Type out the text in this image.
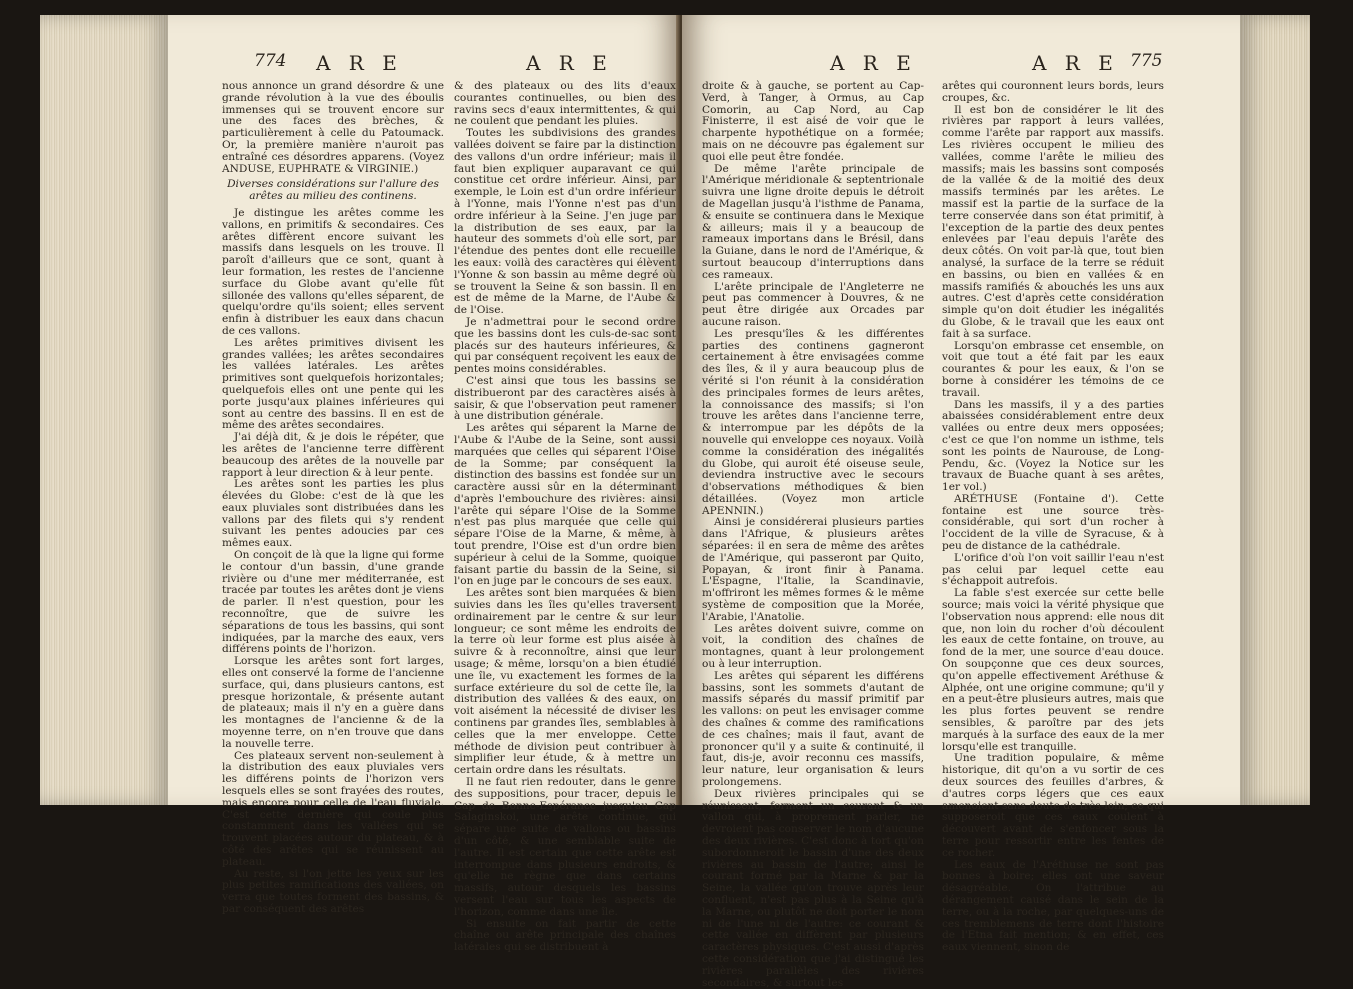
774 A R E	A R E

nous annonce un grand désordre & une grande révolution à la vue des éboulis immenses qui se trouvent encore sur une des faces des brèches, & particulièrement à celle du Patoumack. Or, la première manière n'auroit pas entraîné ces désordres apparens. (Voyez ANDUSE, EUPHRATE & VIRGINIE.)

Diverses considérations sur l'allure des arêtes au milieu des continens.

Je distingue les arêtes comme les vallons, en primitifs & secondaires. Ces arêtes diffèrent encore suivant les massifs dans lesquels on les trouve. Il paroît d'ailleurs que ce sont, quant à leur formation, les restes de l'ancienne surface du Globe avant qu'elle fût sillonée des vallons qu'elles séparent, de quelqu'ordre qu'ils soient; elles servent enfin à distribuer les eaux dans chacun de ces vallons.

Les arêtes primitives divisent les grandes vallées; les arêtes secondaires les vallées latérales. Les arêtes primitives sont quelquefois horizontales; quelquefois elles ont une pente qui les porte jusqu'aux plaines inférieures qui sont au centre des bassins. Il en est de même des arêtes secondaires.

J'ai déjà dit, & je dois le répéter, que les arêtes de l'ancienne terre diffèrent beaucoup des arêtes de la nouvelle par rapport à leur direction & à leur pente.

Les arêtes sont les parties les plus élevées du Globe: c'est de là que les eaux pluviales sont distribuées dans les vallons par des filets qui s'y rendent suivant les pentes adoucies par ces mêmes eaux.

On conçoit de là que la ligne qui forme le contour d'un bassin, d'une grande rivière ou d'une mer méditerranée, est tracée par toutes les arêtes dont je viens de parler. Il n'est question, pour les reconnoître, que de suivre les séparations de tous les bassins, qui sont indiquées, par la marche des eaux, vers différens points de l'horizon.

Lorsque les arêtes sont fort larges, elles ont conservé la forme de l'ancienne surface, qui, dans plusieurs cantons, est presque horizontale, & présente autant de plateaux; mais il n'y en a guère dans les montagnes de l'ancienne & de la moyenne terre, on n'en trouve que dans la nouvelle terre.

Ces plateaux servent non-seulement à la distribution des eaux pluviales vers les différens points de l'horizon vers lesquels elles se sont frayées des routes, mais encore pour celle de l'eau fluviale. C'est cette dernière qui coule plus constamment dans les vallées qui se trouvent placées autour du plateau, & à côté des arêtes qui se réunissent au plateau.

Au reste, si l'on jette les yeux sur les plus petites ramifications des vallées, on verra que toutes forment des bassins, & par conséquent des arêtes

& des plateaux ou des lits d'eaux courantes continuelles, ou bien des ravins secs d'eaux intermittentes, & qui ne coulent que pendant les pluies.

Toutes les subdivisions des grandes vallées doivent se faire par la distinction des vallons d'un ordre inférieur; mais il faut bien expliquer auparavant ce qui constitue cet ordre inférieur. Ainsi, par exemple, le Loin est d'un ordre inférieur à l'Yonne, mais l'Yonne n'est pas d'un ordre inférieur à la Seine. J'en juge par la distribution de ses eaux, par la hauteur des sommets d'où elle sort, par l'étendue des pentes dont elle recueille les eaux: voilà des caractères qui élèvent l'Yonne & son bassin au même degré où se trouvent la Seine & son bassin. Il en est de même de la Marne, de l'Aube & de l'Oise.

Je n'admettrai pour le second ordre que les bassins dont les culs-de-sac sont placés sur des hauteurs inférieures, & qui par conséquent reçoivent les eaux de pentes moins considérables.

C'est ainsi que tous les bassins se distribueront par des caractères aisés à saisir, & que l'observation peut ramener à une distribution générale.

Les arêtes qui séparent la Marne de l'Aube & l'Aube de la Seine, sont aussi marquées que celles qui séparent l'Oise de la Somme; par conséquent la distinction des bassins est fondée sur un caractère aussi sûr en la déterminant d'après l'embouchure des rivières: ainsi l'arête qui sépare l'Oise de la Somme n'est pas plus marquée que celle qui sépare l'Oise de la Marne, & même, à tout prendre, l'Oise est d'un ordre bien supérieur à celui de la Somme, quoique faisant partie du bassin de la Seine, si l'on en juge par le concours de ses eaux.

Les arêtes sont bien marquées & bien suivies dans les îles qu'elles traversent ordinairement par le centre & sur leur longueur; ce sont même les endroits de la terre où leur forme est plus aisée à suivre & à reconnoître, ainsi que leur usage; & même, lorsqu'on a bien étudié une île, vu exactement les formes de la surface extérieure du sol de cette île, la distribution des vallées & des eaux, on voit aisément la nécessité de diviser les continens par grandes îles, semblables à celles que la mer enveloppe. Cette méthode de division peut contribuer à simplifier leur étude, & à mettre un certain ordre dans les résultats.

Il ne faut rien redouter, dans le genre des suppositions, pour tracer, depuis le Cap de Bonne-Espérance jusqu'au Cap Salaginskoi, une arête continue, qui sépare une suite de vallons ou bassins d'un côté, & une semblable suite de l'autre. Il est certain que cette arête est interrompue dans plusieurs endroits, & qu'elle ne règne que dans certains massifs, autour desquels les bassins versent l'eau sur tous les aspects de l'horizon, comme dans une île.

Si ensuite on fait partir de cette chaîne ou arête principale des chaînes latérales qui se distribuent à

A R E	A R E 775

droite & à gauche, se portent au Cap-Verd, à Tanger, à Ormus, au Cap Comorin, au Cap Nord, au Cap Finisterre, il est aisé de voir que le charpente hypothétique on a formée; mais on ne découvre pas également sur quoi elle peut être fondée.

De même l'arête principale de l'Amérique méridionale & septentrionale suivra une ligne droite depuis le détroit de Magellan jusqu'à l'isthme de Panama, & ensuite se continuera dans le Mexique & ailleurs; mais il y a beaucoup de rameaux importans dans le Brésil, dans la Guiane, dans le nord de l'Amérique, & surtout beaucoup d'interruptions dans ces rameaux.

L'arête principale de l'Angleterre ne peut pas commencer à Douvres, & ne peut être dirigée aux Orcades par aucune raison.

Les presqu'îles & les différentes parties des continens gagneront certainement à être envisagées comme des îles, & il y aura beaucoup plus de vérité si l'on réunit à la considération des principales formes de leurs arêtes, la connoissance des massifs; si l'on trouve les arêtes dans l'ancienne terre, & interrompue par les dépôts de la nouvelle qui enveloppe ces noyaux. Voilà comme la considération des inégalités du Globe, qui auroit été oiseuse seule, deviendra instructive avec le secours d'observations méthodiques & bien détaillées. (Voyez mon article APENNIN.)

Ainsi je considérerai plusieurs parties dans l'Afrique, & plusieurs arêtes séparées: il en sera de même des arêtes de l'Amérique, qui passeront par Quito, Popayan, & iront finir à Panama. L'Espagne, l'Italie, la Scandinavie, m'offriront les mêmes formes & le même système de composition que la Morée, l'Arabie, l'Anatolie.

Les arêtes doivent suivre, comme on voit, la condition des chaînes de montagnes, quant à leur prolongement ou à leur interruption.

Les arêtes qui séparent les différens bassins, sont les sommets d'autant de massifs séparés du massif primitif par les vallons: on peut les envisager comme des chaînes & comme des ramifications de ces chaînes; mais il faut, avant de prononcer qu'il y a suite & continuité, il faut, dis-je, avoir reconnu ces massifs, leur nature, leur organisation & leurs prolongemens.

Deux rivières principales qui se réunissent, forment un courant & un vallon qui, à proprement parler, ne devroient pas conserver le nom d'aucune des deux rivières. C'est donc à tort qu'on subordonneroit le bassin d'une des deux rivières au bassin de l'autre; ainsi le courant formé par la Marne & par la Seine, la vallée qu'on trouve après leur confluent, n'est pas plus à la Seine qu'à la Marne, ou plutôt ne doit porter le nom ni de l'une ni de l'autre: ce courant & cette vallée en diffèrent par plusieurs caractères physiques. C'est aussi d'après cette considération que j'ai distingué les rivières parallèles des rivières secondaires, & surtout les

arêtes qui couronnent leurs bords, leurs croupes, &c.

Il est bon de considérer le lit des rivières par rapport à leurs vallées, comme l'arête par rapport aux massifs. Les rivières occupent le milieu des vallées, comme l'arête le milieu des massifs; mais les bassins sont composés de la vallée & de la moitié des deux massifs terminés par les arêtes. Le massif est la partie de la surface de la terre conservée dans son état primitif, à l'exception de la partie des deux pentes enlevées par l'eau depuis l'arête des deux côtés. On voit par-là que, tout bien analysé, la surface de la terre se réduit en bassins, ou bien en vallées & en massifs ramifiés & abouchés les uns aux autres. C'est d'après cette considération simple qu'on doit étudier les inégalités du Globe, & le travail que les eaux ont fait à sa surface.

Lorsqu'on embrasse cet ensemble, on voit que tout a été fait par les eaux courantes & pour les eaux, & l'on se borne à considérer les témoins de ce travail.

Dans les massifs, il y a des parties abaissées considérablement entre deux vallées ou entre deux mers opposées; c'est ce que l'on nomme un isthme, tels sont les points de Naurouse, de Long-Pendu, &c. (Voyez la Notice sur les travaux de Buache quant à ses arêtes, 1er vol.)

ARÉTHUSE (Fontaine d'). Cette fontaine est une source très-considérable, qui sort d'un rocher à l'occident de la ville de Syracuse, & à peu de distance de la cathédrale.

L'orifice d'où l'on voit saillir l'eau n'est pas celui par lequel cette eau s'échappoit autrefois.

La fable s'est exercée sur cette belle source; mais voici la vérité physique que l'observation nous apprend: elle nous dit que, non loin du rocher d'où découlent les eaux de cette fontaine, on trouve, au fond de la mer, une source d'eau douce. On soupçonne que ces deux sources, qu'on appelle effectivement Aréthuse & Alphée, ont une origine commune; qu'il y en a peut-être plusieurs autres, mais que les plus fortes peuvent se rendre sensibles, & paroître par des jets marqués à la surface des eaux de la mer lorsqu'elle est tranquille.

Une tradition populaire, & même historique, dit qu'on a vu sortir de ces deux sources des feuilles d'arbres, & d'autres corps légers que ces eaux amenoient sans doute de très-loin; ce qui supposeroit que ces eaux coulent à découvert avant de s'enfoncer sous la terre pour ressortir entre les fentes de ce rocher.

Les eaux de l'Aréthuse ne sont pas bonnes à boire; elles ont une saveur désagréable. On l'attribue au dérangement causé dans le sein de la terre, ou à la roche, par quelques-uns de ces tremblemens de terre dont l'histoire de l'Etna fait mention; & en effet, ces eaux viennent, sinon de
